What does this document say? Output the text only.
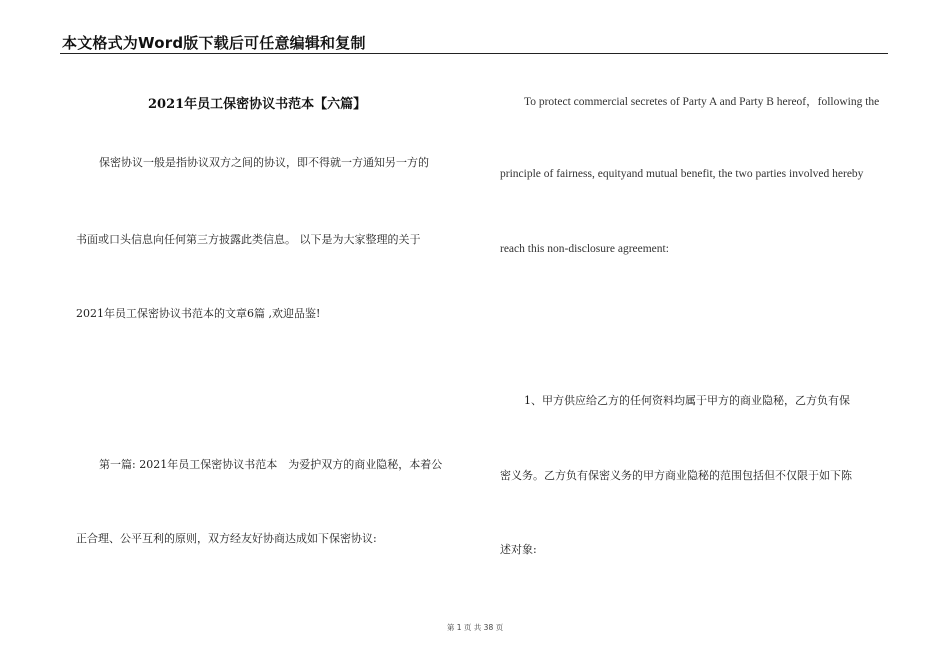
本文格式为Word版下载后可任意编辑和复制
2021年员工保密协议书范本【六篇】
保密协议一般是指协议双方之间的协议，即不得就一方通知另一方的
书面或口头信息向任何第三方披露此类信息。 以下是为大家整理的关于
2021年员工保密协议书范本的文章6篇 ,欢迎品鉴!
第一篇: 2021年员工保密协议书范本　为爱护双方的商业隐秘，本着公
正合理、公平互利的原则，双方经友好协商达成如下保密协议:
To protect commercial secretes of Party A and Party B hereof，following the
principle of fairness, equityand mutual benefit, the two parties involved hereby
reach this non-disclosure agreement:
1、甲方供应给乙方的任何资料均属于甲方的商业隐秘，乙方负有保
密义务。乙方负有保密义务的甲方商业隐秘的范围包括但不仅限于如下陈
述对象:
第 1 页 共 38 页
